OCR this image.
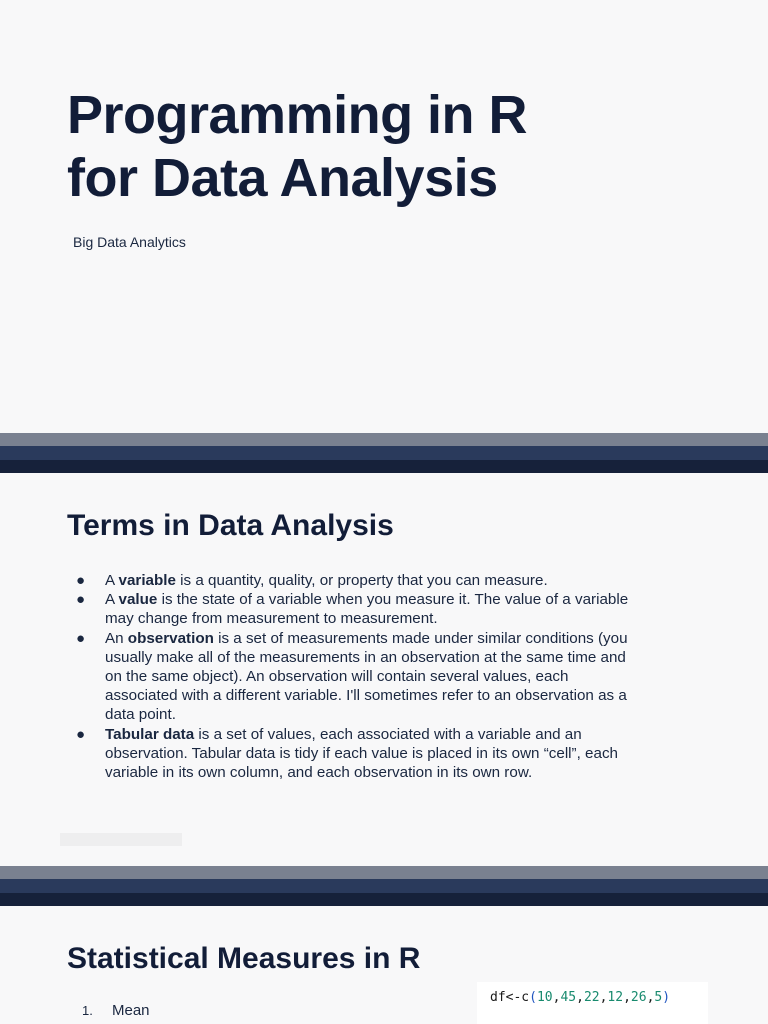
Programming in R
for Data Analysis
Big Data Analytics
Terms in Data Analysis
● A variable is a quantity, quality, or property that you can measure.
● A value is the state of a variable when you measure it. The value of a variable may change from measurement to measurement.
● An observation is a set of measurements made under similar conditions (you usually make all of the measurements in an observation at the same time and on the same object). An observation will contain several values, each associated with a different variable. I'll sometimes refer to an observation as a data point.
● Tabular data is a set of values, each associated with a variable and an observation. Tabular data is tidy if each value is placed in its own “cell”, each variable in its own column, and each observation in its own row.
Statistical Measures in R
1.	Mean
df<-c(10,45,22,12,26,5)
